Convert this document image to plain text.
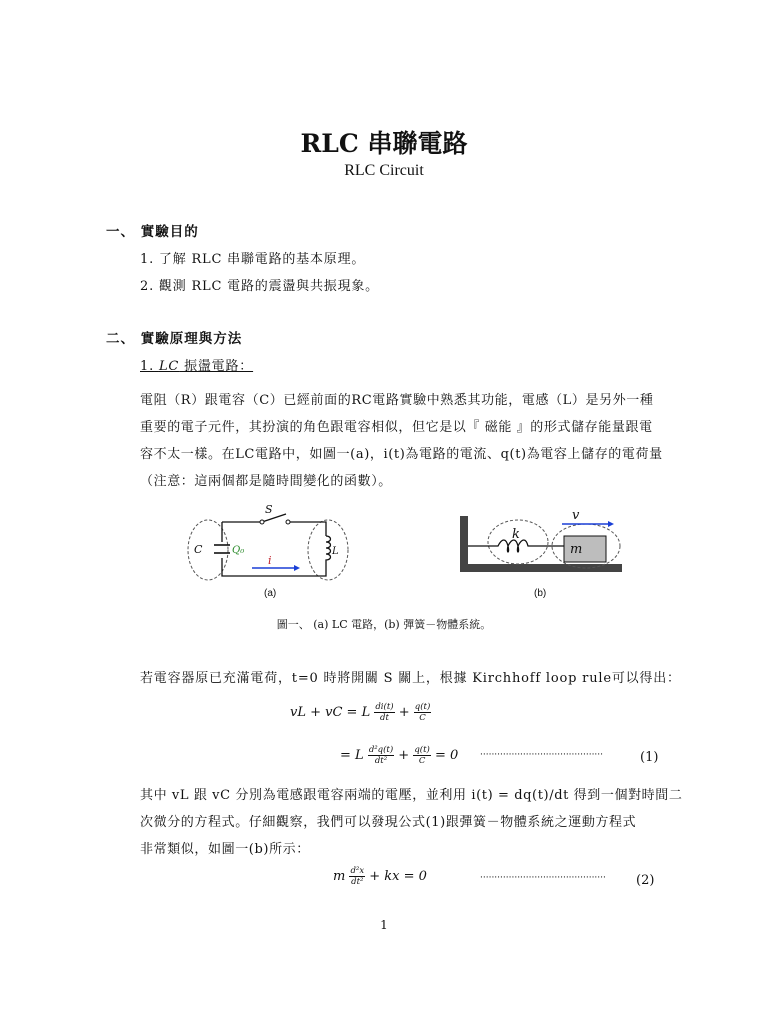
RLC 串聯電路
RLC Circuit
一、 實驗目的
1. 了解 RLC 串聯電路的基本原理。
2. 觀測 RLC 電路的震盪與共振現象。
二、 實驗原理與方法
1. LC 振盪電路：

電阻（R）跟電容（C）已經前面的RC電路實驗中熟悉其功能，電感（L）是另外一種

重要的電子元件，其扮演的角色跟電容相似，但它是以『 磁能 』的形式儲存能量跟電

容不太一樣。在LC電路中，如圖一(a)，i(t)為電路的電流、q(t)為電容上儲存的電荷量

（注意：這兩個都是隨時間變化的函數）。

S
C	Q₀	L
i
k
v
m
(a)	(b)
圖一、 (a) LC 電路，(b) 彈簧－物體系統。
若電容器原已充滿電荷，t=0 時將開關 S 關上，根據 Kirchhoff loop rule可以得出：
vL + vC = L $\frac{di(t)}{dt} + \frac{q(t)}{C}$
= L $\frac{\text{d²q(t)}}{\text{dt²}} + \frac{q(t)}{C} = 0$ ···········································	(1)

其中 vL 跟 vC 分別為電感跟電容兩端的電壓，並利用 i(t) = dq(t)/dt 得到一個對時間二

次微分的方程式。仔細觀察，我們可以發現公式(1)跟彈簧－物體系統之運動方程式

非常類似，如圖一(b)所示：

m $\frac{\text{d²x}}{\text{dt²}}$ + kx = 0	············································ (2)
1
